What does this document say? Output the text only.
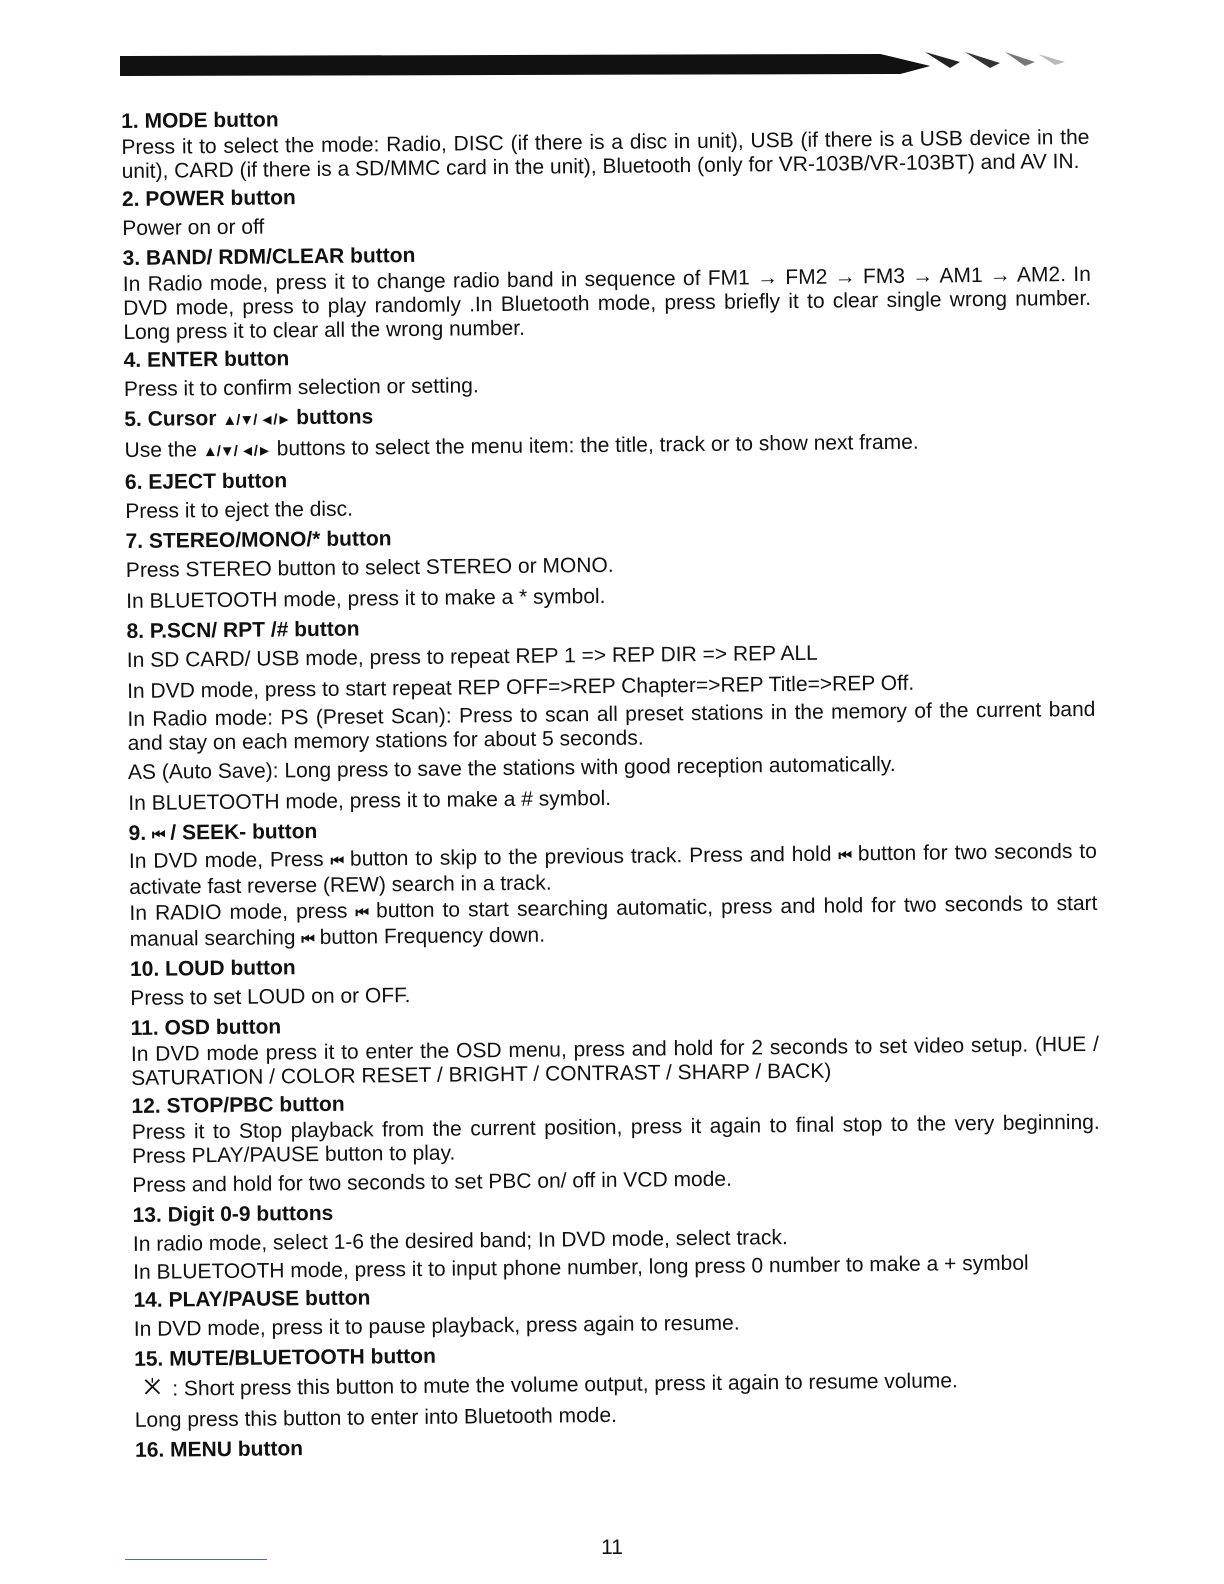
1. MODE button
Press it to select the mode: Radio, DISC (if there is a disc in unit), USB (if there is a USB device in the unit), CARD (if there is a SD/MMC card in the unit), Bluetooth (only for VR-103B/VR-103BT) and AV IN.
2. POWER button
Power on or off
3. BAND/ RDM/CLEAR button
In Radio mode, press it to change radio band in sequence of FM1 → FM2 → FM3 → AM1 → AM2. In DVD mode, press to play randomly .In Bluetooth mode, press briefly it to clear single wrong number. Long press it to clear all the wrong number.
4. ENTER button
Press it to confirm selection or setting.
5. Cursor ▲/▼/ ◄/► buttons
Use the ▲/▼/ ◄/► buttons to select the menu item: the title, track or to show next frame.
6. EJECT button
Press it to eject the disc.
7. STEREO/MONO/* button
Press STEREO button to select STEREO or MONO.
In BLUETOOTH mode, press it to make a * symbol.
8. P.SCN/ RPT /# button
In SD CARD/ USB mode, press to repeat REP 1 => REP DIR => REP ALL
In DVD mode, press to start repeat REP OFF=>REP Chapter=>REP Title=>REP Off.
In Radio mode: PS (Preset Scan): Press to scan all preset stations in the memory of the current band and stay on each memory stations for about 5 seconds.
AS (Auto Save): Long press to save the stations with good reception automatically.
In BLUETOOTH mode, press it to make a # symbol.
9. ⏮ / SEEK- button
In DVD mode, Press ⏮ button to skip to the previous track. Press and hold ⏮ button for two seconds to activate fast reverse (REW) search in a track.
In RADIO mode, press ⏮ button to start searching automatic, press and hold for two seconds to start manual searching ⏮ button Frequency down.
10. LOUD button
Press to set LOUD on or OFF.
11. OSD button
In DVD mode press it to enter the OSD menu, press and hold for 2 seconds to set video setup. (HUE / SATURATION / COLOR RESET / BRIGHT / CONTRAST / SHARP / BACK)
12. STOP/PBC button
Press it to Stop playback from the current position, press it again to final stop to the very beginning. Press PLAY/PAUSE button to play.
Press and hold for two seconds to set PBC on/ off in VCD mode.
13. Digit 0-9 buttons
In radio mode, select 1-6 the desired band; In DVD mode, select track.
In BLUETOOTH mode, press it to input phone number, long press 0 number to make a + symbol
14. PLAY/PAUSE button
In DVD mode, press it to pause playback, press again to resume.
15. MUTE/BLUETOOTH button
: Short press this button to mute the volume output, press it again to resume volume.
Long press this button to enter into Bluetooth mode.
16. MENU button
11
